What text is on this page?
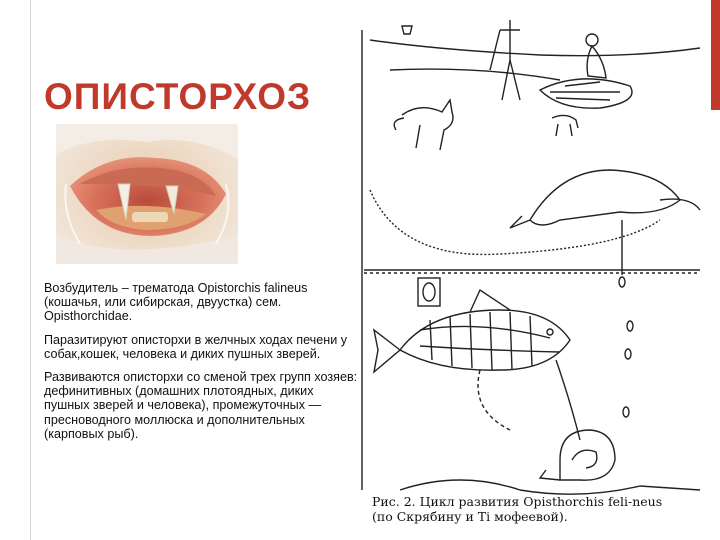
ОПИСТОРХОЗ

Возбудитель – трематода Opistorchis falineus (кошачья, или сибирская, двуустка) сем. Opisthorchidae.

Паразитируют описторхи в желчных ходах печени у собак,кошек, человека и диких пушных зверей.

Развиваются описторхи со сменой трех групп хозяев: дефинитивных (домашних плотоядных, диких пушных зверей и человека), промежуточных — пресноводного моллюска и дополнительных (карповых рыб).

Рис. 2. Цикл развития Opisthorchis feli-neus (по Скрябину и Тi мофеевой).
